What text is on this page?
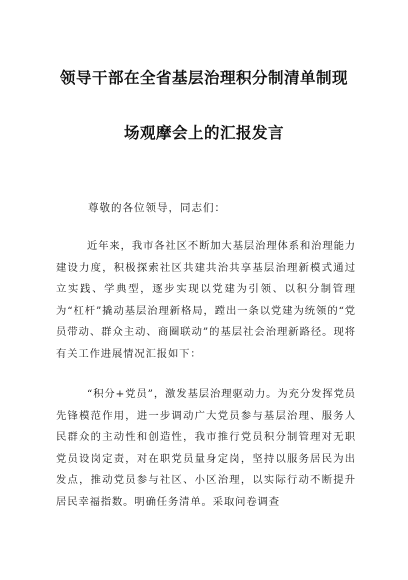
领导干部在全省基层治理积分制清单制现
场观摩会上的汇报发言
尊敬的各位领导，同志们：
近年来，我市各社区不断加大基层治理体系和治理能力建设力度，积极探索社区共建共治共享基层治理新模式通过立实践、学典型，逐步实现以党建为引领、以积分制管理为“杠杆”撬动基层治理新格局，蹚出一条以党建为统领的“党员带动、群众主动、商圈联动”的基层社会治理新路径。现将有关工作进展情况汇报如下：
“积分+党员”，激发基层治理驱动力。为充分发挥党员先锋模范作用，进一步调动广大党员参与基层治理、服务人民群众的主动性和创造性，我市推行党员积分制管理对无职党员设岗定责，对在职党员量身定岗，坚持以服务居民为出发点，推动党员参与社区、小区治理，以实际行动不断提升居民幸福指数。明确任务清单。采取问卷调查
